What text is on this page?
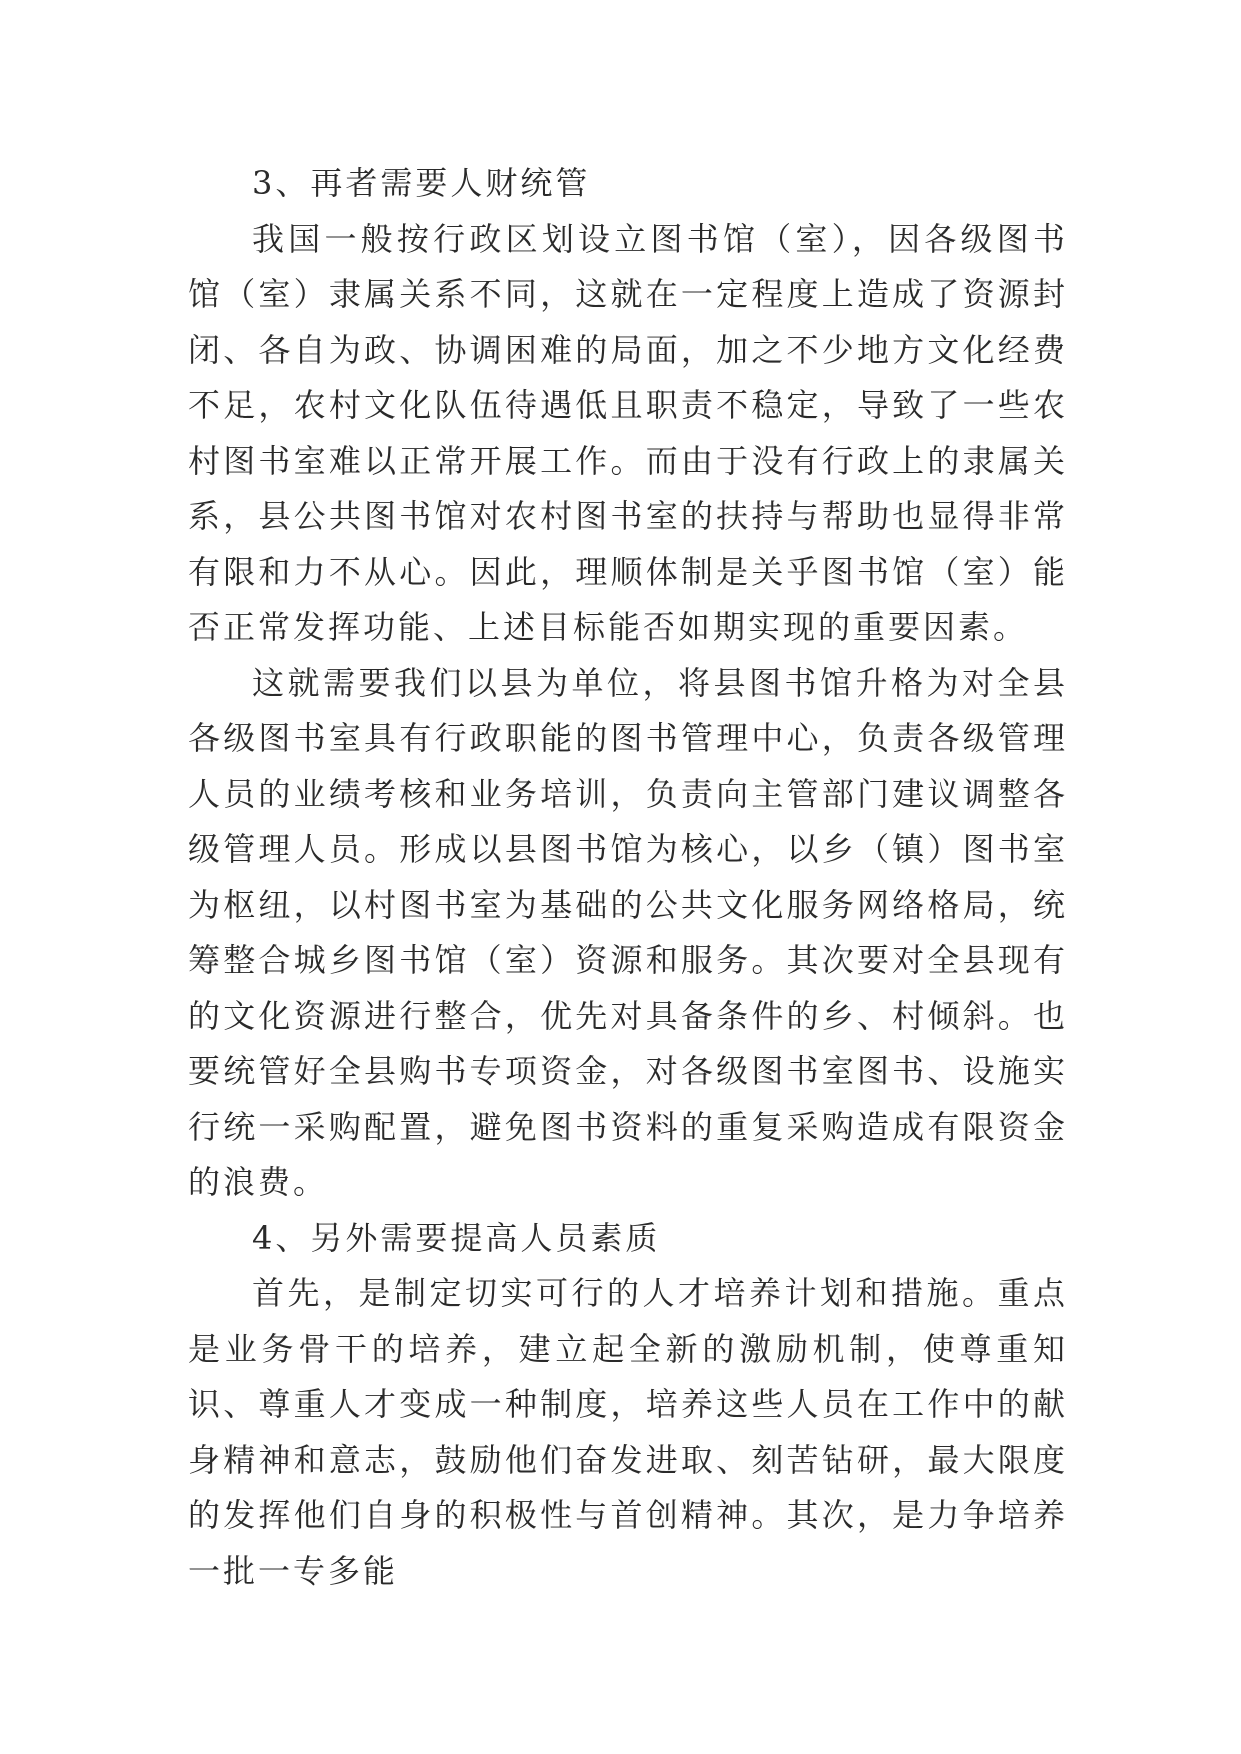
3、再者需要人财统管

我国一般按行政区划设立图书馆（室），因各级图书馆（室）隶属关系不同，这就在一定程度上造成了资源封闭、各自为政、协调困难的局面，加之不少地方文化经费不足，农村文化队伍待遇低且职责不稳定，导致了一些农村图书室难以正常开展工作。而由于没有行政上的隶属关系，县公共图书馆对农村图书室的扶持与帮助也显得非常有限和力不从心。因此，理顺体制是关乎图书馆（室）能否正常发挥功能、上述目标能否如期实现的重要因素。

这就需要我们以县为单位，将县图书馆升格为对全县各级图书室具有行政职能的图书管理中心，负责各级管理人员的业绩考核和业务培训，负责向主管部门建议调整各级管理人员。形成以县图书馆为核心，以乡（镇）图书室为枢纽，以村图书室为基础的公共文化服务网络格局，统筹整合城乡图书馆（室）资源和服务。其次要对全县现有的文化资源进行整合，优先对具备条件的乡、村倾斜。也要统管好全县购书专项资金，对各级图书室图书、设施实行统一采购配置，避免图书资料的重复采购造成有限资金的浪费。

4、另外需要提高人员素质

首先，是制定切实可行的人才培养计划和措施。重点是业务骨干的培养，建立起全新的激励机制，使尊重知识、尊重人才变成一种制度，培养这些人员在工作中的献身精神和意志，鼓励他们奋发进取、刻苦钻研，最大限度的发挥他们自身的积极性与首创精神。其次，是力争培养一批一专多能
